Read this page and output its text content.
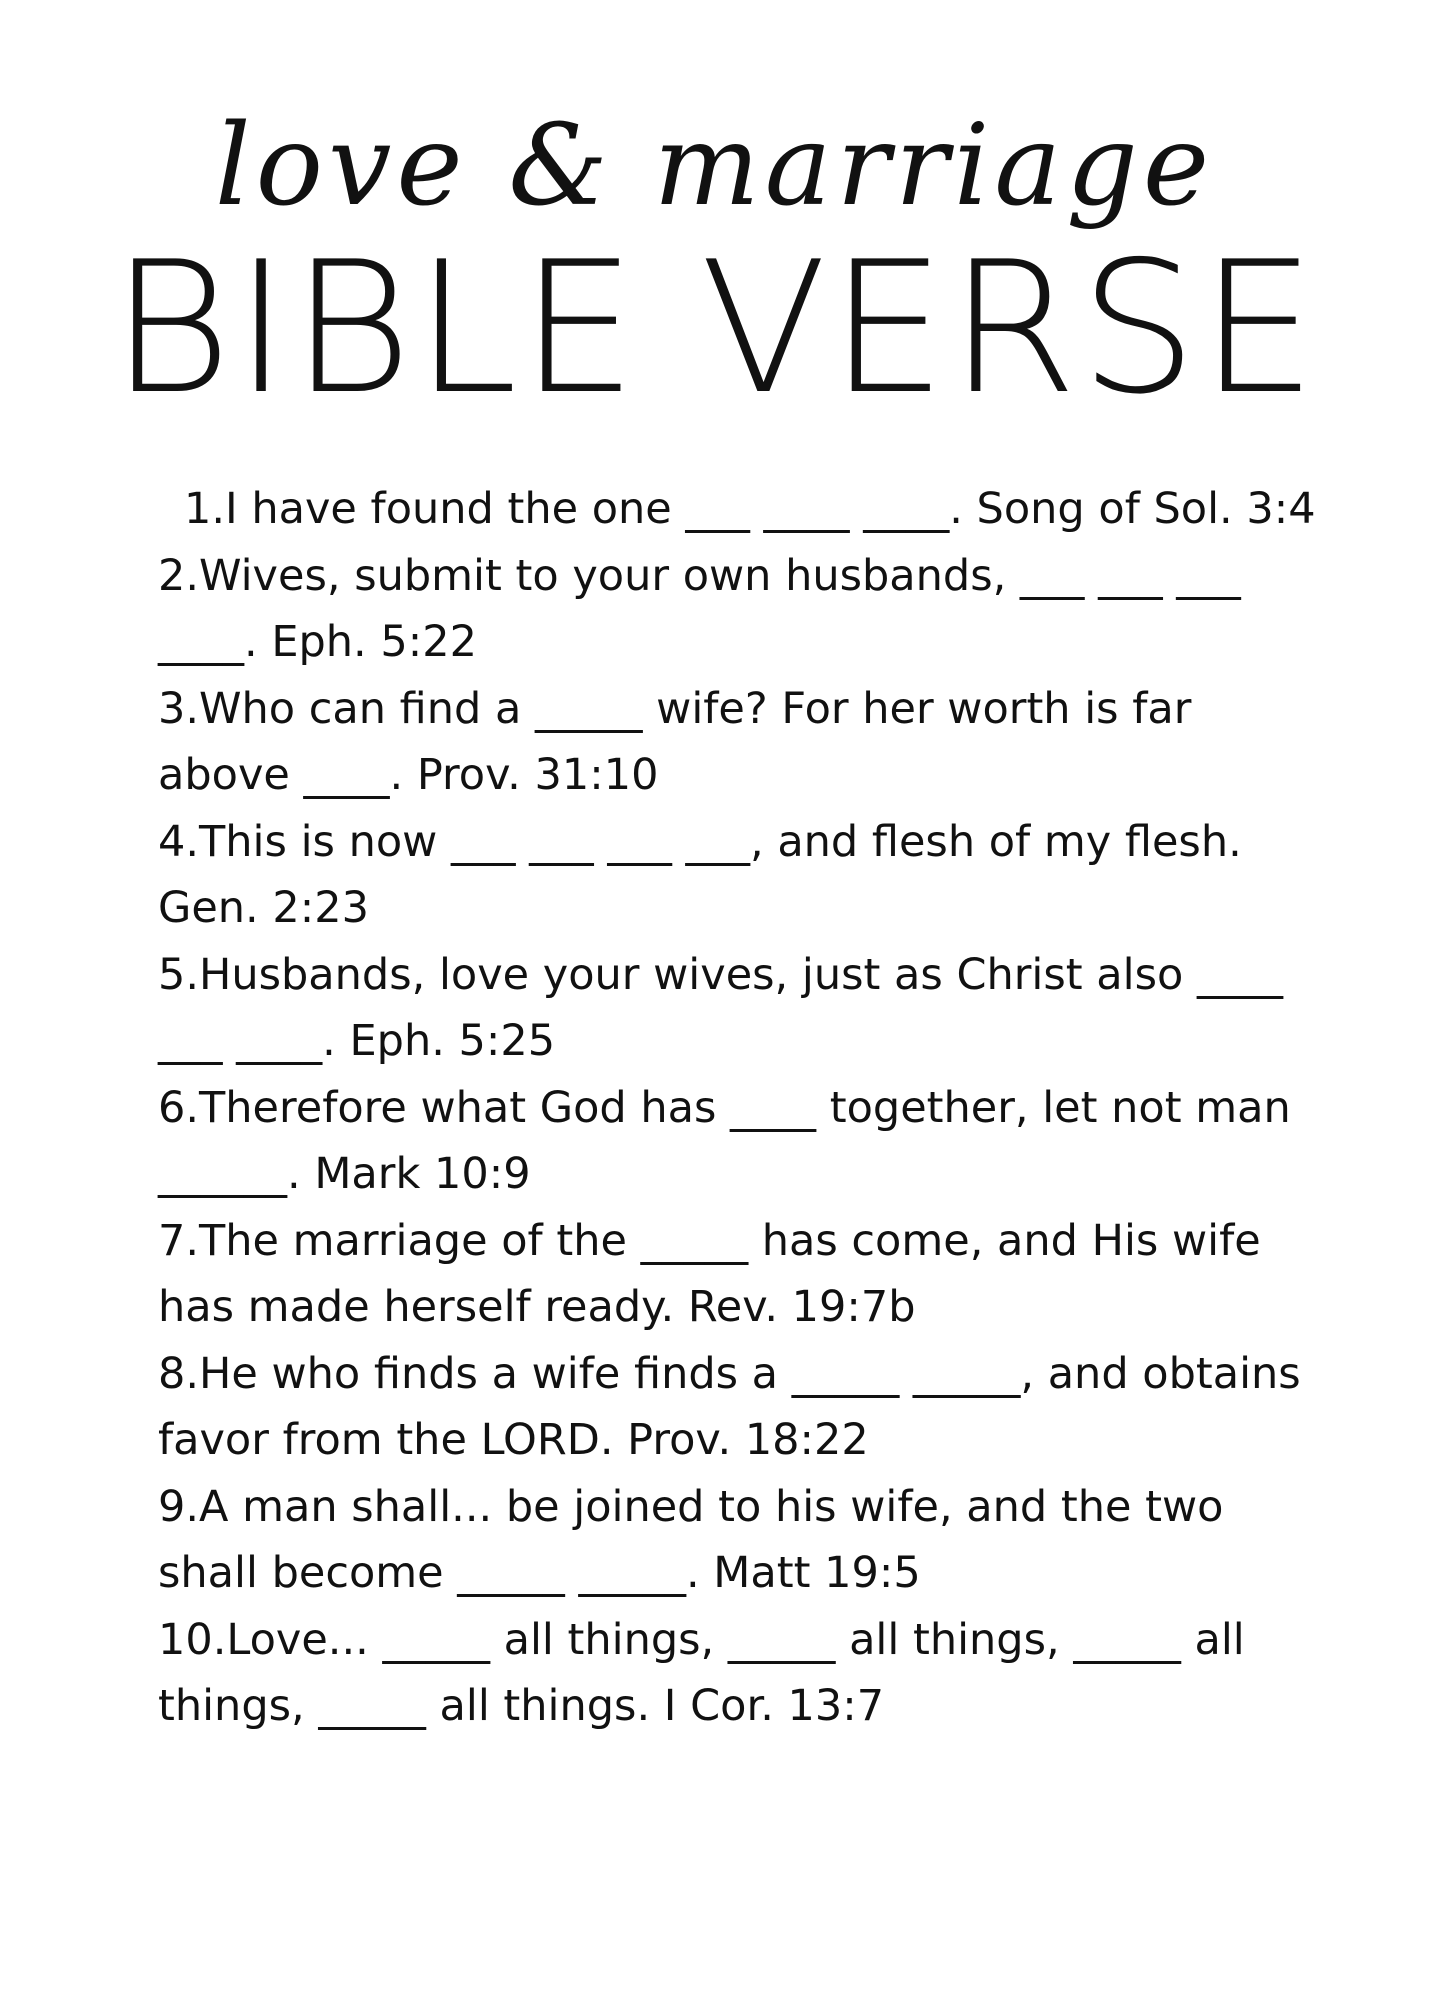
love & marriage
BIBLE VERSE
1.I have found the one ___ ____ ____. Song of Sol. 3:4
2.Wives, submit to your own husbands, ___ ___ ___ ____. Eph. 5:22
3.Who can find a _____ wife? For her worth is far above ____. Prov. 31:10
4.This is now ___ ___ ___ ___, and flesh of my flesh. Gen. 2:23
5.Husbands, love your wives, just as Christ also ____ ___ ____. Eph. 5:25
6.Therefore what God has ____ together, let not man ______. Mark 10:9
7.The marriage of the _____ has come, and His wife has made herself ready. Rev. 19:7b
8.He who finds a wife finds a _____ _____, and obtains favor from the LORD. Prov. 18:22
9.A man shall... be joined to his wife, and the two shall become _____ _____. Matt 19:5
10.Love... _____ all things, _____ all things, _____ all things, _____ all things. I Cor. 13:7
